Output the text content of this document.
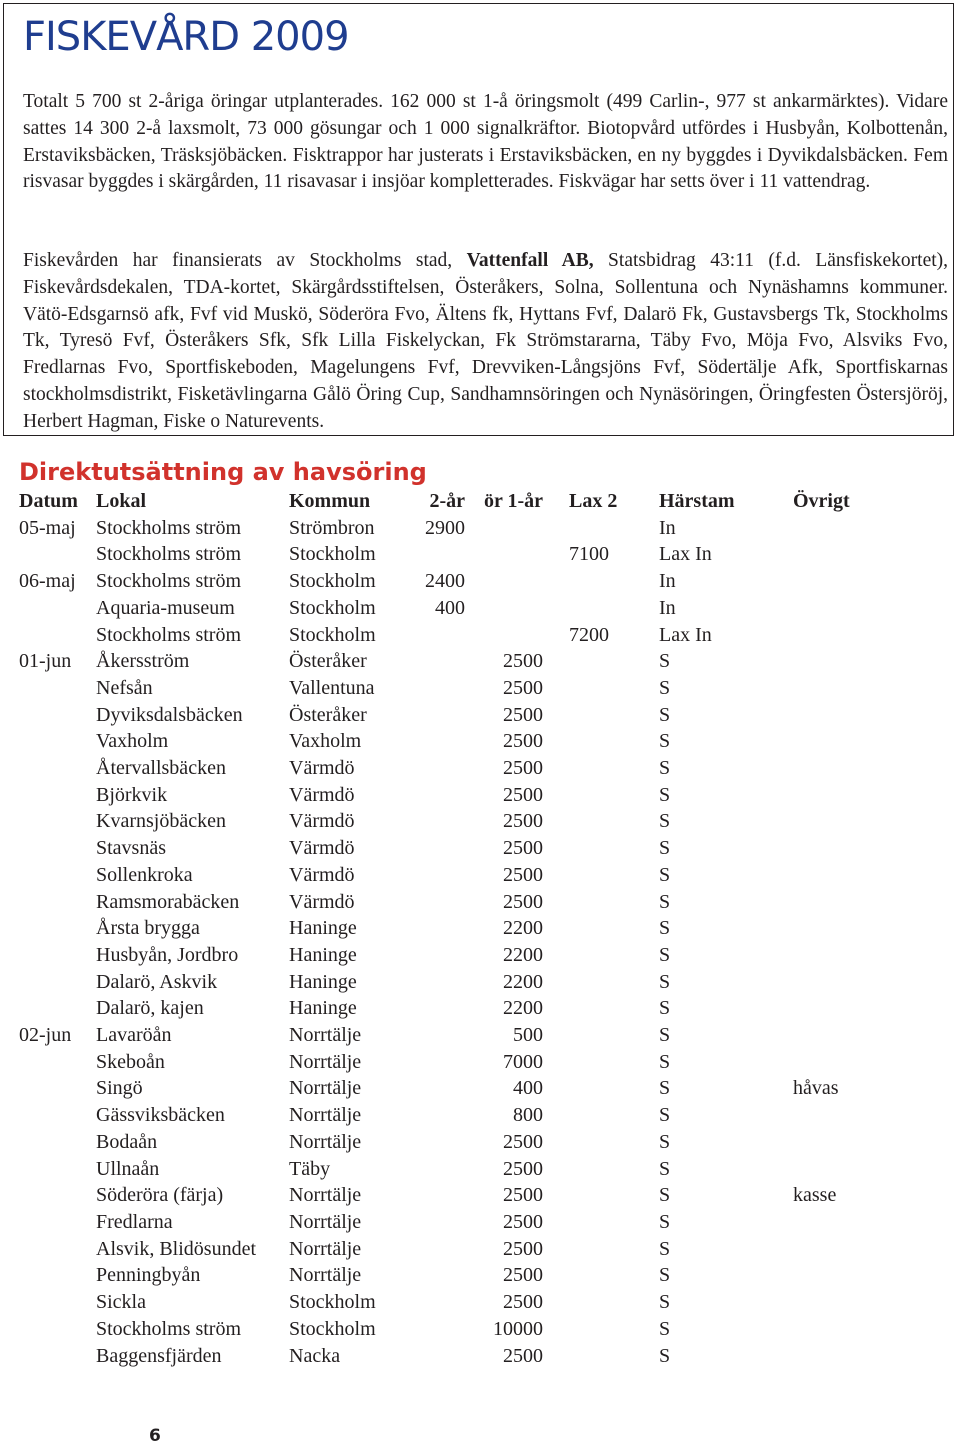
FISKEVÅRD 2009

Totalt 5 700 st 2-åriga öringar utplanterades. 162 000 st 1-å öringsmolt (499 Carlin-, 977 st ankarmärktes). Vidare sattes 14 300 2-å laxsmolt, 73 000 gösungar och 1 000 signalkräftor. Biotopvård utfördes i Husbyån, Kolbottenån, Erstaviksbäcken, Träsksjöbäcken. Fisktrappor har justerats i Erstaviksbäcken, en ny byggdes i Dyvikdalsbäcken. Fem risvasar byggdes i skärgården, 11 risavasar i insjöar kompletterades. Fiskvägar har setts över i 11 vattendrag.

Fiskevården har finansierats av Stockholms stad, Vattenfall AB, Statsbidrag 43:11 (f.d. Länsfiskekortet), Fiskevårdsdekalen, TDA-kortet, Skärgårdsstiftelsen, Österåkers, Solna, Sollentuna och Nynäshamns kommuner. Vätö-Edsgarnsö afk, Fvf vid Muskö, Söderöra Fvo, Ältens fk, Hyttans Fvf, Dalarö Fk, Gustavsbergs Tk, Stockholms Tk, Tyresö Fvf, Österåkers Sfk, Sfk Lilla Fiskelyckan, Fk Strömstararna, Täby Fvo, Möja Fvo, Alsviks Fvo, Fredlarnas Fvo, Sportfiskeboden, Magelungens Fvf, Drevviken-Långsjöns Fvf, Södertälje Afk, Sportfiskarnas stockholmsdistrikt, Fisketävlingarna Gålö Öring Cup, Sandhamnsöringen och Nynäsöringen, Öringfesten Östersjöröj, Herbert Hagman, Fiske o Naturevents.

Direktutsättning av havsöring
Datum	Lokal	Kommun	2-år	ör 1-år		Lax 2	Härstam	Övrigt
05-maj	Stockholms ström	Strömbron	2900				In	
	Stockholms ström	Stockholm				7100	Lax In	
06-maj	Stockholms ström	Stockholm	2400				In	
	Aquaria-museum	Stockholm	400				In	
	Stockholms ström	Stockholm				7200	Lax In	
01-jun	Åkersström	Österåker		2500			S	
	Nefsån	Vallentuna		2500			S	
	Dyviksdalsbäcken	Österåker		2500			S	
	Vaxholm	Vaxholm		2500			S	
	Återvallsbäcken	Värmdö		2500			S	
	Björkvik	Värmdö		2500			S	
	Kvarnsjöbäcken	Värmdö		2500			S	
	Stavsnäs	Värmdö		2500			S	
	Sollenkroka	Värmdö		2500			S	
	Ramsmorabäcken	Värmdö		2500			S	
	Årsta brygga	Haninge		2200			S	
	Husbyån, Jordbro	Haninge		2200			S	
	Dalarö, Askvik	Haninge		2200			S	
	Dalarö, kajen	Haninge		2200			S	
02-jun	Lavaröån	Norrtälje		500			S	
	Skeboån	Norrtälje		7000			S	
	Singö	Norrtälje		400			S	håvas
	Gässviksbäcken	Norrtälje		800			S	
	Bodaån	Norrtälje		2500			S	
	Ullnaån	Täby		2500			S	
	Söderöra (färja)	Norrtälje		2500			S	kasse
	Fredlarna	Norrtälje		2500			S	
	Alsvik, Blidösundet	Norrtälje		2500			S	
	Penningbyån	Norrtälje		2500			S	
	Sickla	Stockholm		2500			S	
	Stockholms ström	Stockholm		10000			S	
	Baggensfjärden	Nacka		2500			S	

6
